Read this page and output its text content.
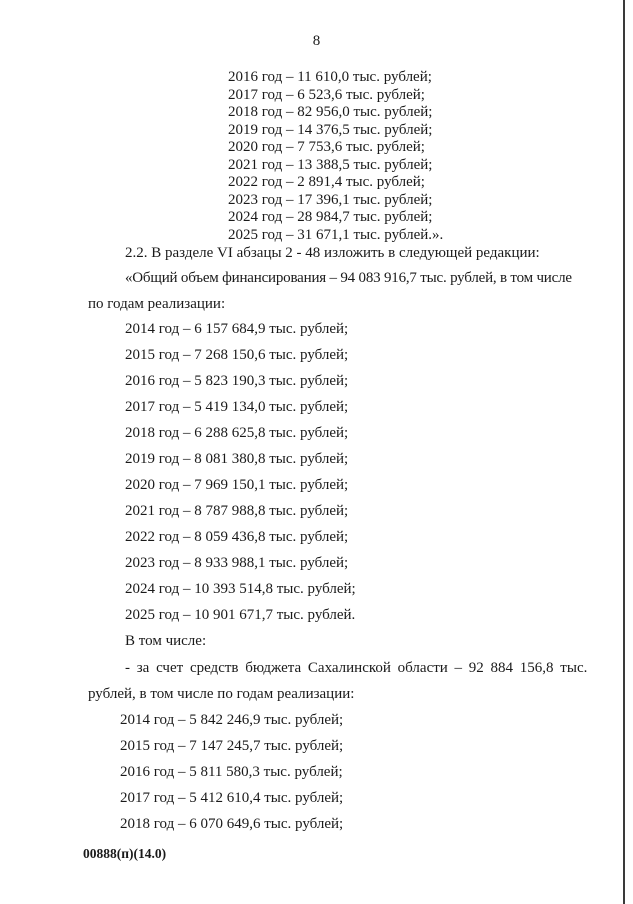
8
2016 год – 11 610,0 тыс. рублей;
2017 год – 6 523,6 тыс. рублей;
2018 год – 82 956,0 тыс. рублей;
2019 год – 14 376,5 тыс. рублей;
2020 год – 7 753,6 тыс. рублей;
2021 год – 13 388,5 тыс. рублей;
2022 год – 2 891,4 тыс. рублей;
2023 год – 17 396,1 тыс. рублей;
2024 год – 28 984,7 тыс. рублей;
2025 год – 31 671,1 тыс. рублей.».
2.2. В разделе VI абзацы 2 - 48 изложить в следующей редакции:
«Общий объем финансирования – 94 083 916,7 тыс. рублей, в том числе
по годам реализации:
2014 год – 6 157 684,9 тыс. рублей;
2015 год – 7 268 150,6 тыс. рублей;
2016 год – 5 823 190,3 тыс. рублей;
2017 год – 5 419 134,0 тыс. рублей;
2018 год – 6 288 625,8 тыс. рублей;
2019 год – 8 081 380,8 тыс. рублей;
2020 год – 7 969 150,1 тыс. рублей;
2021 год – 8 787 988,8 тыс. рублей;
2022 год – 8 059 436,8 тыс. рублей;
2023 год – 8 933 988,1 тыс. рублей;
2024 год – 10 393 514,8 тыс. рублей;
2025 год – 10 901 671,7 тыс. рублей.
В том числе:
- за счет средств бюджета Сахалинской области – 92 884 156,8 тыс.
рублей, в том числе по годам реализации:
2014 год – 5 842 246,9 тыс. рублей;
2015 год – 7 147 245,7 тыс. рублей;
2016 год – 5 811 580,3 тыс. рублей;
2017 год – 5 412 610,4 тыс. рублей;
2018 год – 6 070 649,6 тыс. рублей;
00888(п)(14.0)
